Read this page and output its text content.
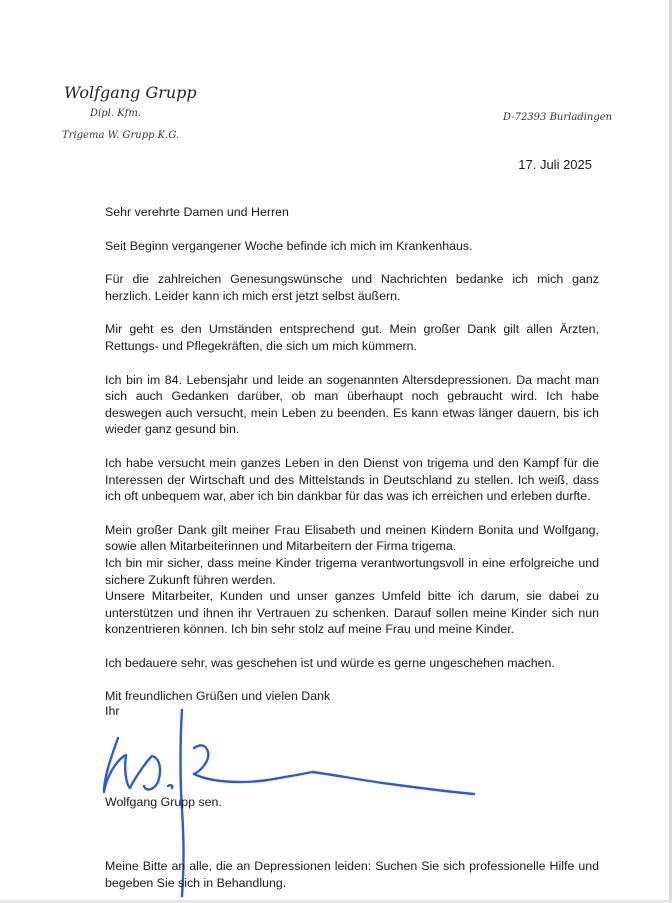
Wolfgang Grupp
Dipl. Kfm.
Trigema W. Grupp K.G.
D-72393 Burladingen
17. Juli 2025

Sehr verehrte Damen und Herren

Seit Beginn vergangener Woche befinde ich mich im Krankenhaus.

Für die zahlreichen Genesungswünsche und Nachrichten bedanke ich mich ganz herzlich. Leider kann ich mich erst jetzt selbst äußern.

Mir geht es den Umständen entsprechend gut. Mein großer Dank gilt allen Ärzten, Rettungs- und Pflegekräften, die sich um mich kümmern.

Ich bin im 84. Lebensjahr und leide an sogenannten Altersdepressionen. Da macht man sich auch Gedanken darüber, ob man überhaupt noch gebraucht wird. Ich habe deswegen auch versucht, mein Leben zu beenden. Es kann etwas länger dauern, bis ich wieder ganz gesund bin.

Ich habe versucht mein ganzes Leben in den Dienst von trigema und den Kampf für die Interessen der Wirtschaft und des Mittelstands in Deutschland zu stellen. Ich weiß, dass ich oft unbequem war, aber ich bin dankbar für das was ich erreichen und erleben durfte.

Mein großer Dank gilt meiner Frau Elisabeth und meinen Kindern Bonita und Wolfgang, sowie allen Mitarbeiterinnen und Mitarbeitern der Firma trigema.

Ich bin mir sicher, dass meine Kinder trigema verantwortungsvoll in eine erfolgreiche und sichere Zukunft führen werden.

Unsere Mitarbeiter, Kunden und unser ganzes Umfeld bitte ich darum, sie dabei zu unterstützen und ihnen ihr Vertrauen zu schenken. Darauf sollen meine Kinder sich nun konzentrieren können. Ich bin sehr stolz auf meine Frau und meine Kinder.

Ich bedauere sehr, was geschehen ist und würde es gerne ungeschehen machen.

Mit freundlichen Grüßen und vielen Dank

Ihr
Wolfgang Grupp sen.
Meine Bitte an alle, die an Depressionen leiden: Suchen Sie sich professionelle Hilfe und begeben Sie sich in Behandlung.
